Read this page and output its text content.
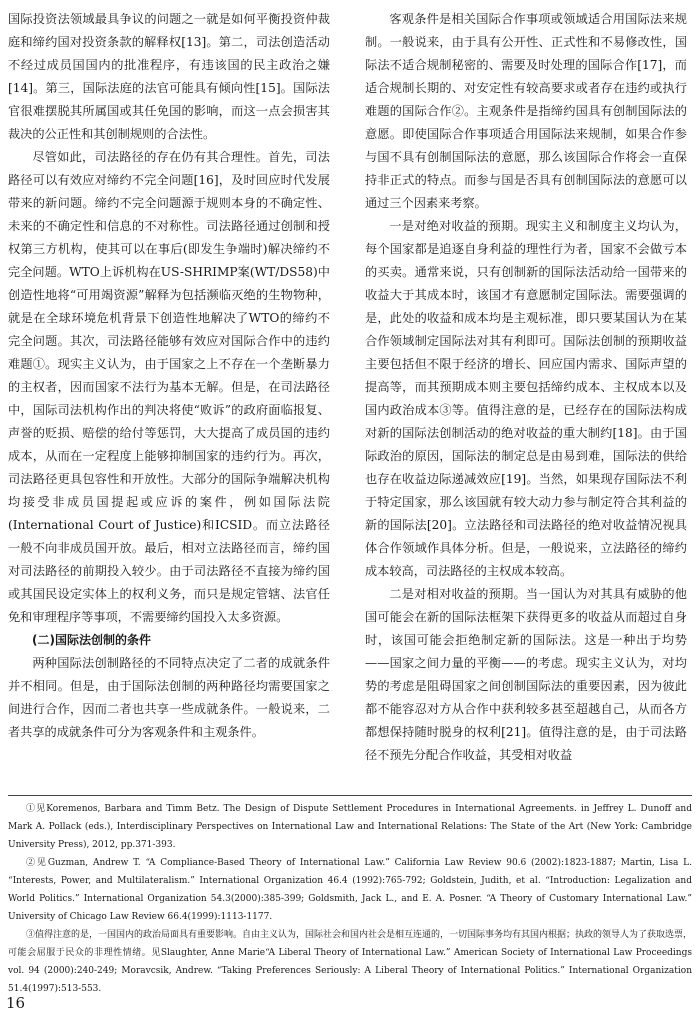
国际投资法领域最具争议的问题之一就是如何平衡投资仲裁庭和缔约国对投资条款的解释权[13]。第二，司法创造活动不经过成员国国内的批准程序，有违该国的民主政治之嫌[14]。第三，国际法庭的法官可能具有倾向性[15]。国际法官很难摆脱其所属国或其任免国的影响，而这一点会损害其裁决的公正性和其创制规则的合法性。

尽管如此，司法路径的存在仍有其合理性。首先，司法路径可以有效应对缔约不完全问题[16]，及时回应时代发展带来的新问题。缔约不完全问题源于规则本身的不确定性、未来的不确定性和信息的不对称性。司法路径通过创制和授权第三方机构，使其可以在事后(即发生争端时)解决缔约不完全问题。WTO上诉机构在US-SHRIMP案(WT/DS58)中创造性地将“可用竭资源”解释为包括濒临灭绝的生物物种，就是在全球环境危机背景下创造性地解决了WTO的缔约不完全问题。其次，司法路径能够有效应对国际合作中的违约难题①。现实主义认为，由于国家之上不存在一个垄断暴力的主权者，因而国家不法行为基本无解。但是，在司法路径中，国际司法机构作出的判决将使“败诉”的政府面临报复、声誉的贬损、赔偿的给付等惩罚，大大提高了成员国的违约成本，从而在一定程度上能够抑制国家的违约行为。再次，司法路径更具包容性和开放性。大部分的国际争端解决机构均接受非成员国提起或应诉的案件，例如国际法院(International Court of Justice)和ICSID。而立法路径一般不向非成员国开放。最后，相对立法路径而言，缔约国对司法路径的前期投入较少。由于司法路径不直接为缔约国或其国民设定实体上的权利义务，而只是规定管辖、法官任免和审理程序等事项，不需要缔约国投入太多资源。

(二)国际法创制的条件

两种国际法创制路径的不同特点决定了二者的成就条件并不相同。但是，由于国际法创制的两种路径均需要国家之间进行合作，因而二者也共享一些成就条件。一般说来，二者共享的成就条件可分为客观条件和主观条件。

客观条件是相关国际合作事项或领域适合用国际法来规制。一般说来，由于具有公开性、正式性和不易修改性，国际法不适合规制秘密的、需要及时处理的国际合作[17]，而适合规制长期的、对安定性有较高要求或者存在违约或执行难题的国际合作②。主观条件是指缔约国具有创制国际法的意愿。即使国际合作事项适合用国际法来规制，如果合作参与国不具有创制国际法的意愿，那么该国际合作将会一直保持非正式的特点。而参与国是否具有创制国际法的意愿可以通过三个因素来考察。

一是对绝对收益的预期。现实主义和制度主义均认为，每个国家都是追逐自身利益的理性行为者，国家不会做亏本的买卖。通常来说，只有创制新的国际法活动给一国带来的收益大于其成本时，该国才有意愿制定国际法。需要强调的是，此处的收益和成本均是主观标准，即只要某国认为在某合作领域制定国际法对其有利即可。国际法创制的预期收益主要包括但不限于经济的增长、回应国内需求、国际声望的提高等，而其预期成本则主要包括缔约成本、主权成本以及国内政治成本③等。值得注意的是，已经存在的国际法构成对新的国际法创制活动的绝对收益的重大制约[18]。由于国际政治的原因，国际法的制定总是由易到难，国际法的供给也存在收益边际递减效应[19]。当然，如果现存国际法不利于特定国家，那么该国就有较大动力参与制定符合其利益的新的国际法[20]。立法路径和司法路径的绝对收益情况视具体合作领域作具体分析。但是，一般说来，立法路径的缔约成本较高，司法路径的主权成本较高。

二是对相对收益的预期。当一国认为对其具有威胁的他国可能会在新的国际法框架下获得更多的收益从而超过自身时，该国可能会拒绝制定新的国际法。这是一种出于均势——国家之间力量的平衡——的考虑。现实主义认为，对均势的考虑是阻碍国家之间创制国际法的重要因素，因为彼此都不能容忍对方从合作中获利较多甚至超越自己，从而各方都想保持随时脱身的权利[21]。值得注意的是，由于司法路径不预先分配合作收益，其受相对收益

①见Koremenos, Barbara and Timm Betz. The Design of Dispute Settlement Procedures in International Agreements. in Jeffrey L. Dunoff and Mark A. Pollack (eds.), Interdisciplinary Perspectives on International Law and International Relations: The State of the Art (New York: Cambridge University Press), 2012, pp.371-393.

②见Guzman, Andrew T. “A Compliance-Based Theory of International Law.” California Law Review 90.6 (2002):1823-1887; Martin, Lisa L. “Interests, Power, and Multilateralism.” International Organization 46.4 (1992):765-792; Goldstein, Judith, et al. “Introduction: Legalization and World Politics.” International Organization 54.3(2000):385-399; Goldsmith, Jack L., and E. A. Posner. “A Theory of Customary International Law.” University of Chicago Law Review 66.4(1999):1113-1177.

③值得注意的是，一国国内的政治局面具有重要影响。自由主义认为，国际社会和国内社会是相互连通的，一切国际事务均有其国内根据；执政的领导人为了获取选票，可能会屈服于民众的非理性情绪。见Slaughter, Anne Marie“A Liberal Theory of International Law.” American Society of International Law Proceedings vol. 94 (2000):240-249; Moravcsik, Andrew. “Taking Preferences Seriously: A Liberal Theory of International Politics.” International Organization 51.4(1997):513-553.

16
